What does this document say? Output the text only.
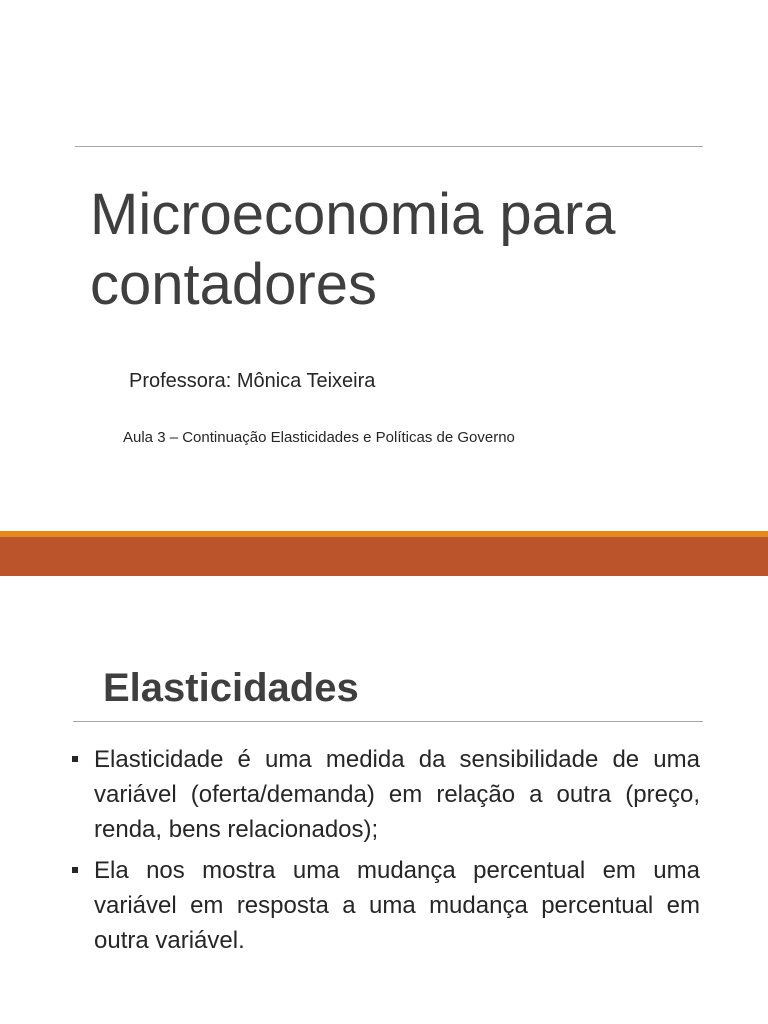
Microeconomia para
contadores
Professora: Mônica Teixeira
Aula 3 – Continuação Elasticidades e Políticas de Governo
Elasticidades
Elasticidade é uma medida da sensibilidade de uma variável (oferta/demanda) em relação a outra (preço, renda, bens relacionados);
Ela nos mostra uma mudança percentual em uma variável em resposta a uma mudança percentual em outra variável.
